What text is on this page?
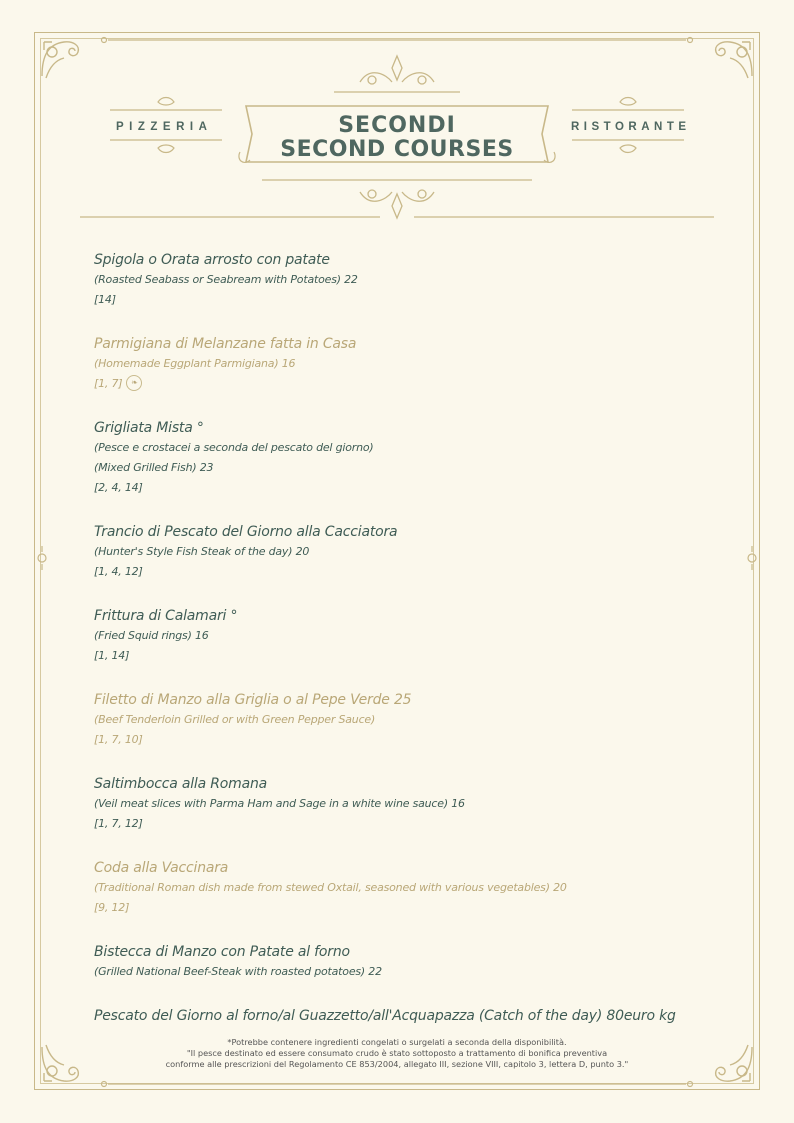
PIZZERIA	RISTORANTE
SECONDI
SECOND COURSES
Spigola o Orata arrosto con patate
(Roasted Seabass or Seabream with Potatoes) 22
[14]
Parmigiana di Melanzane fatta in Casa
(Homemade Eggplant Parmigiana) 16
[1, 7] ❧
Grigliata Mista °
(Pesce e crostacei a seconda del pescato del giorno)
(Mixed Grilled Fish) 23
[2, 4, 14]
Trancio di Pescato del Giorno alla Cacciatora
(Hunter's Style Fish Steak of the day) 20
[1, 4, 12]
Frittura di Calamari °
(Fried Squid rings) 16
[1, 14]
Filetto di Manzo alla Griglia o al Pepe Verde 25
(Beef Tenderloin Grilled or with Green Pepper Sauce)
[1, 7, 10]
Saltimbocca alla Romana
(Veil meat slices with Parma Ham and Sage in a white wine sauce) 16
[1, 7, 12]
Coda alla Vaccinara
(Traditional Roman dish made from stewed Oxtail, seasoned with various vegetables) 20
[9, 12]
Bistecca di Manzo con Patate al forno
(Grilled National Beef-Steak with roasted potatoes) 22
Pescato del Giorno al forno/al Guazzetto/all'Acquapazza (Catch of the day) 80euro kg
*Potrebbe contenere ingredienti congelati o surgelati a seconda della disponibilità.
"Il pesce destinato ed essere consumato crudo è stato sottoposto a trattamento di bonifica preventiva
conforme alle prescrizioni del Regolamento CE 853/2004, allegato III, sezione VIII, capitolo 3, lettera D, punto 3."
